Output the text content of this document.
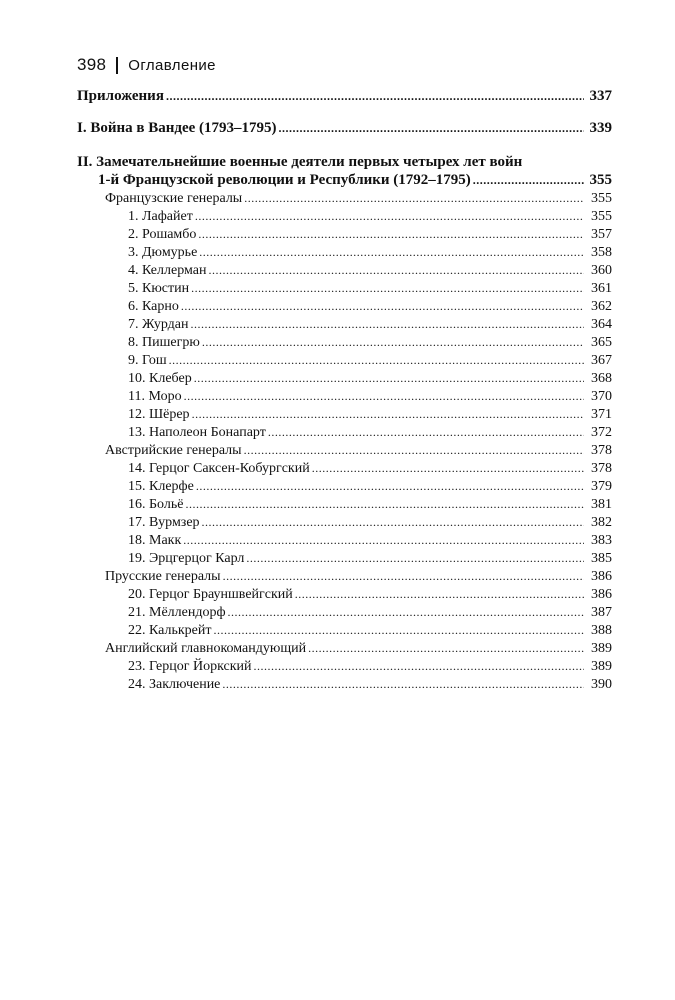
398 Оглавление
Приложения .....	337
I. Война в Вандее (1793–1795) .....	339
II. Замечательнейшие военные деятели первых четырех лет войн
1-й Французской революции и Республики (1792–1795) .....	355
Французские генералы .....	355
1. Лафайет .....	355
2. Рошамбо .....	357
3. Дюмурье .....	358
4. Келлерман .....	360
5. Кюстин .....	361
6. Карно .....	362
7. Журдан .....	364
8. Пишегрю .....	365
9. Гош .....	367
10. Клебер .....	368
11. Моро .....	370
12. Шёрер .....	371
13. Наполеон Бонапарт .....	372
Австрийские генералы .....	378
14. Герцог Саксен-Кобургский .....	378
15. Клерфе .....	379
16. Больё .....	381
17. Вурмзер .....	382
18. Макк .....	383
19. Эрцгерцог Карл .....	385
Прусские генералы .....	386
20. Герцог Брауншвейгский .....	386
21. Мёллендорф .....	387
22. Калькрейт .....	388
Английский главнокомандующий .....	389
23. Герцог Йоркский .....	389
24. Заключение .....	390
